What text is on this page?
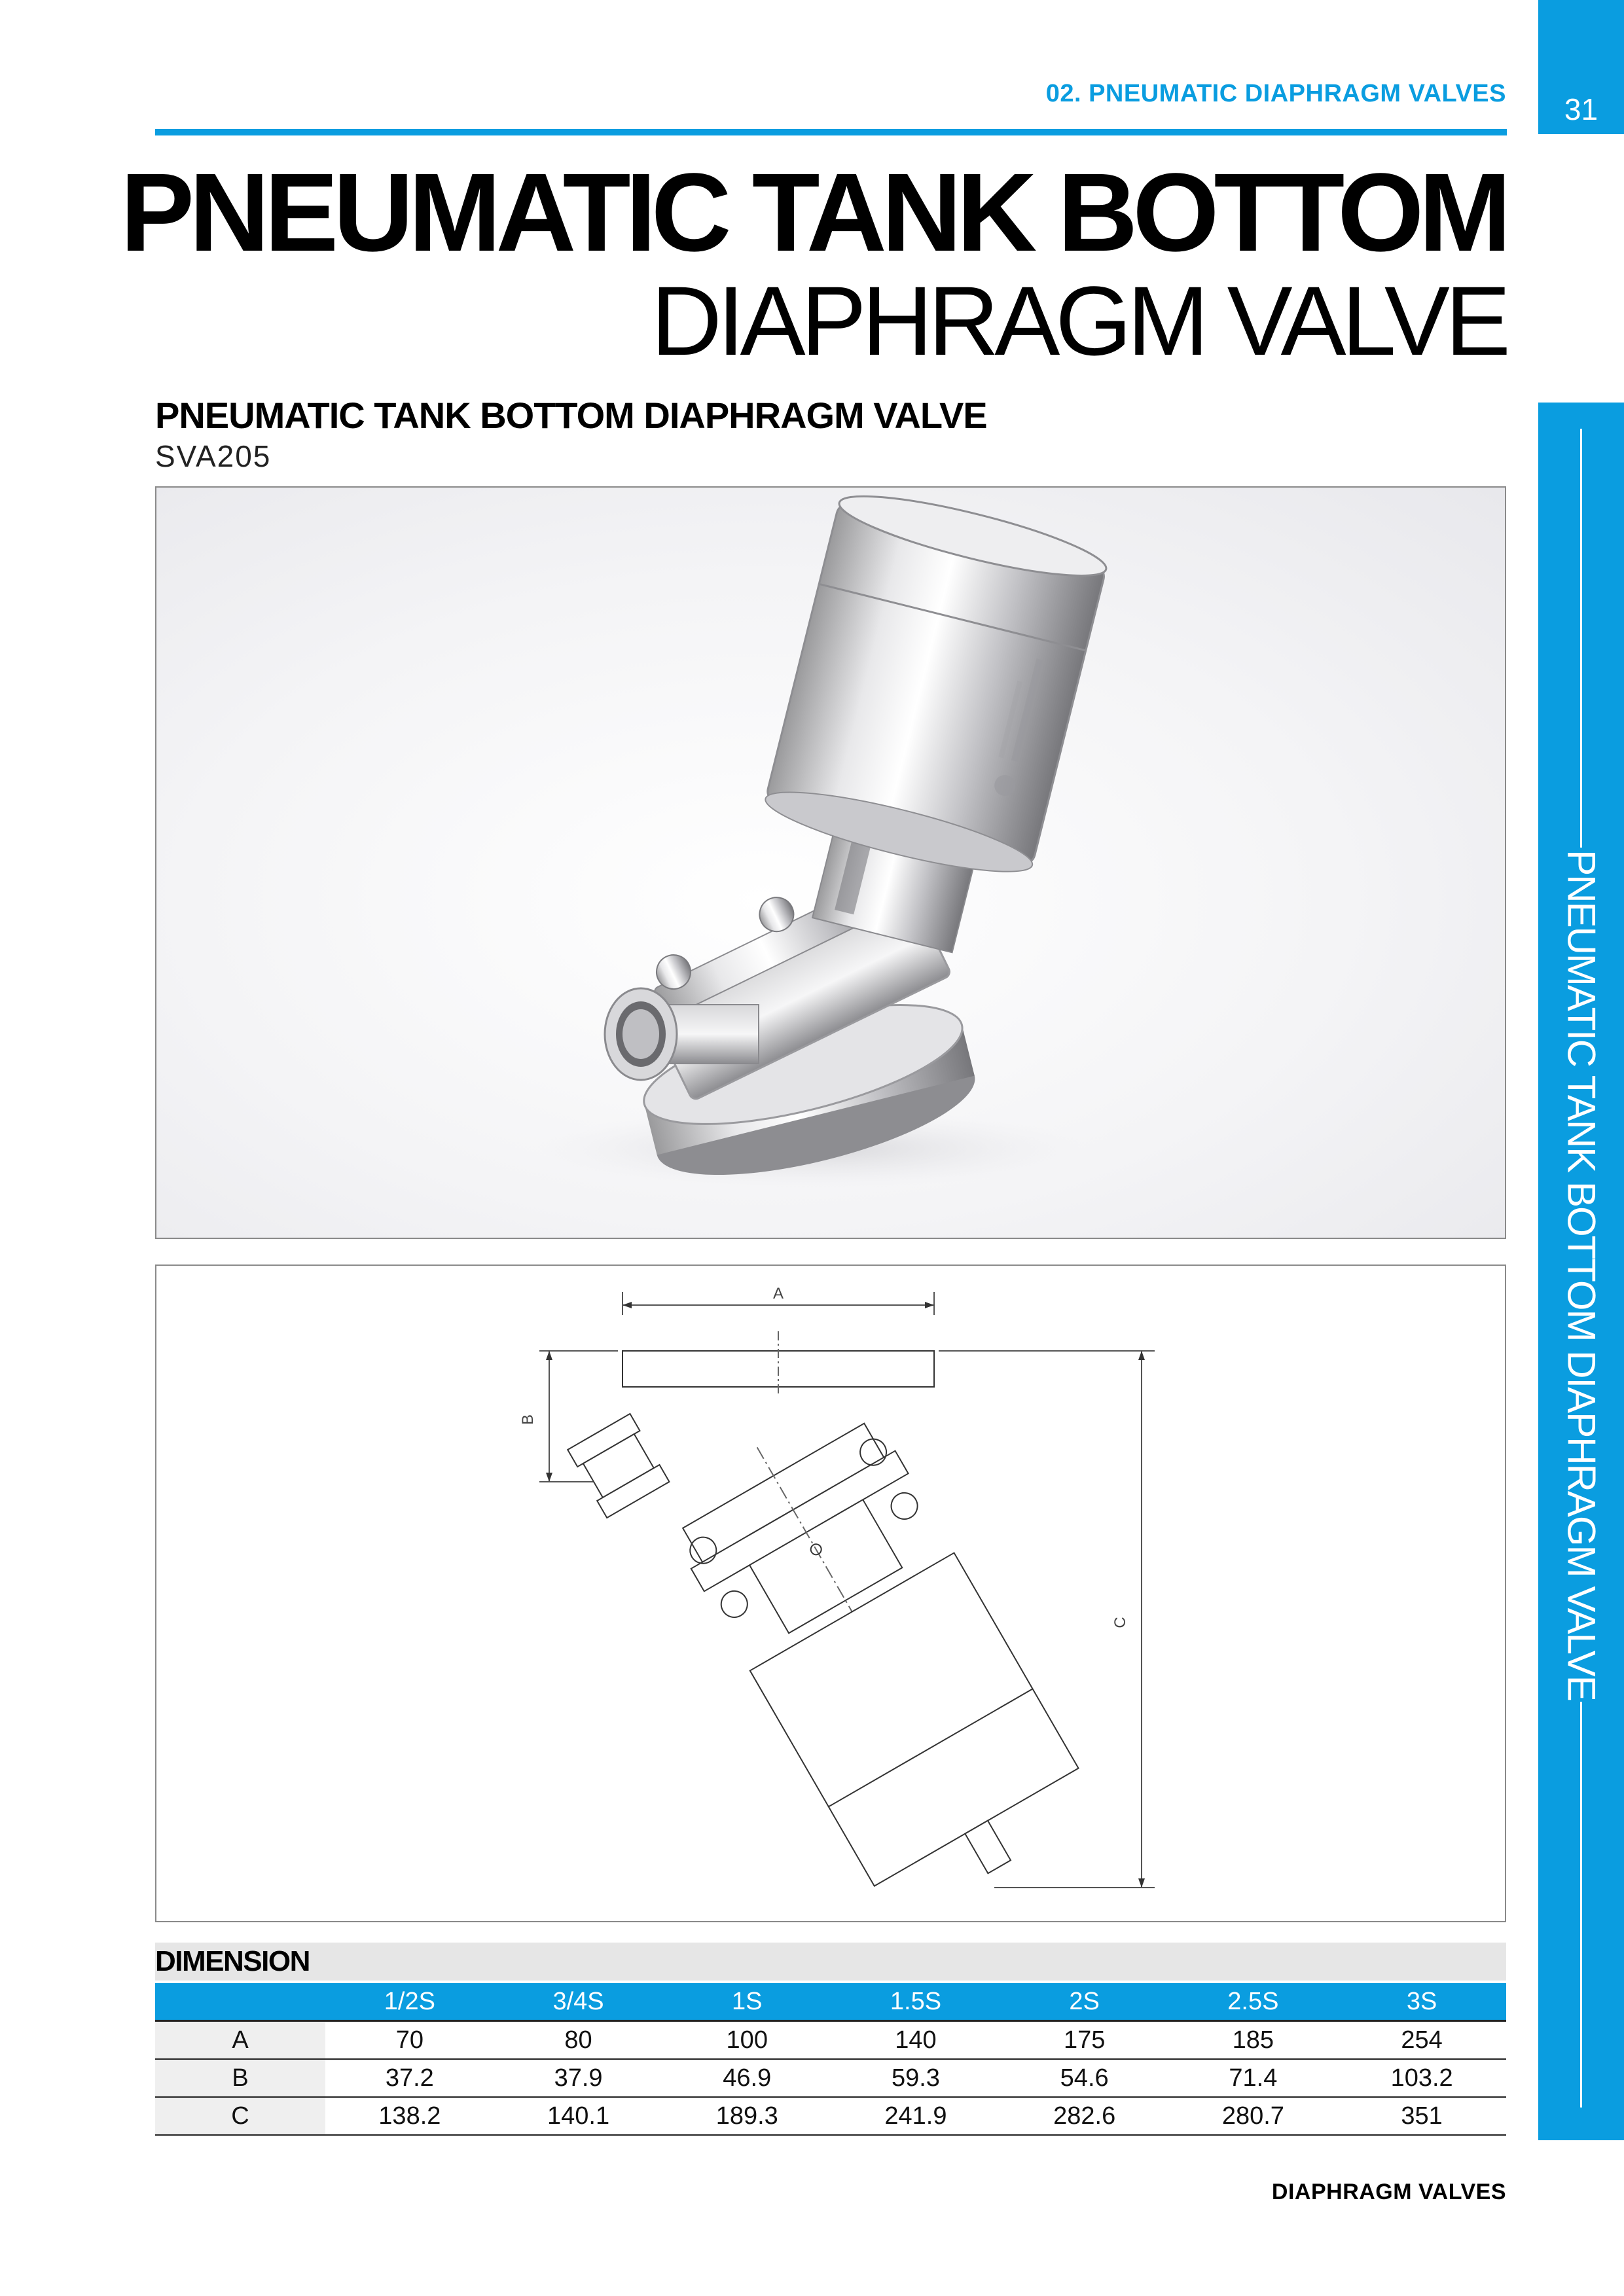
31
02. PNEUMATIC DIAPHRAGM VALVES
PNEUMATIC TANK BOTTOM
DIAPHRAGM VALVE
PNEUMATIC TANK BOTTOM DIAPHRAGM VALVE
SVA205
PNEUMATIC TANK BOTTOM DIAPHRAGM VALVE
A
B
C
DIMENSION
	1/2S	3/4S	1S	1.5S	2S	2.5S	3S
A	70	80	100	140	175	185	254
B	37.2	37.9	46.9	59.3	54.6	71.4	103.2
C	138.2	140.1	189.3	241.9	282.6	280.7	351
DIAPHRAGM VALVES
